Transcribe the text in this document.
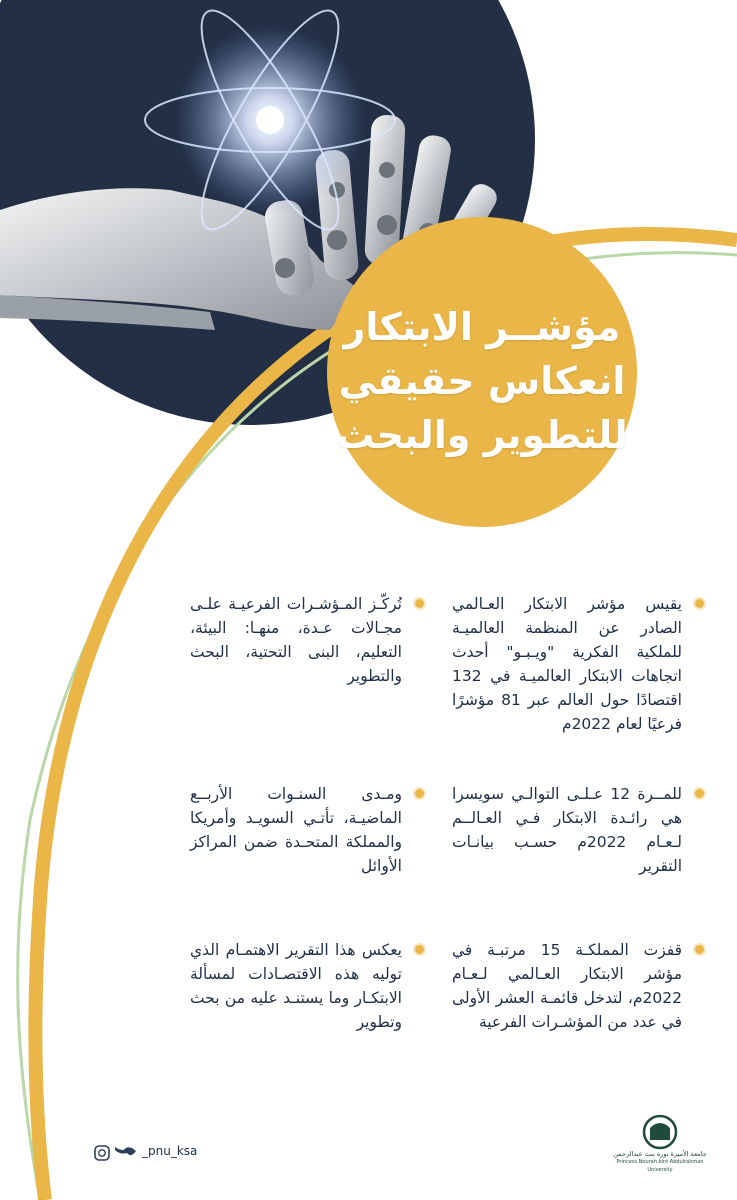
مؤشــر الابتكار
انعكاس حقيقي
للتطوير والبحث

يقيس مؤشر الابتكار العـالمي الصادر عن المنظمة العالميـة للملكية الفكرية "ويـبـو" أحدث اتجاهات الابتكار العالميـة في 132 اقتصادًا حول العالم عبر 81 مؤشرًا فرعيًا لعام 2022م

تُركّـز المـؤشـرات الفرعيـة علـى مجـالات عـدة، منهـا: البيئة، التعليم، البنى التحتية، البحث والتطوير

للمــرة 12 عـلـى التوالـي سويسرا هي رائـدة الابتكار فـي العـالــم لـعـام 2022م حسـب بيانـات التقرير

ومـدى السنـوات الأربــع الماضيـة، تأتـي السويـد وأمريكا والمملكة المتحـدة ضمن المراكز الأوائل

قفزت المملكـة 15 مرتبـة في مؤشر الابتكار العـالمي لـعـام 2022م، لتدخل قائمـة العشر الأولى في عدد من المؤشـرات الفرعية

يعكس هذا التقرير الاهتمـام الذي توليه هذه الاقتصـادات لمسألة الابتكـار وما يستنـد عليه من بحث وتطوير

_pnu_ksa	جامعة الأميرة نورة بنت عبدالرحمن
Princess Nourah bint Abdulrahman University
